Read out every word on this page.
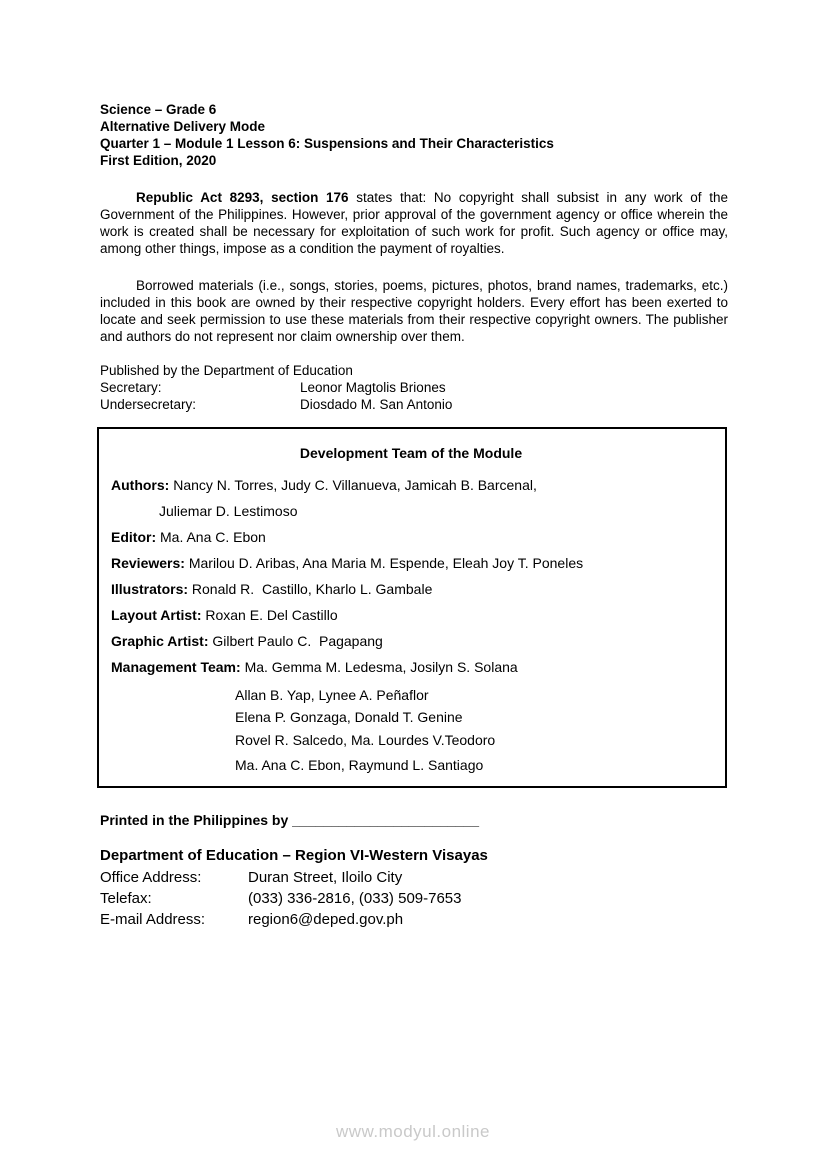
Science – Grade 6
Alternative Delivery Mode
Quarter 1 – Module 1 Lesson 6: Suspensions and Their Characteristics
First Edition, 2020
Republic Act 8293, section 176 states that: No copyright shall subsist in any work of the Government of the Philippines. However, prior approval of the government agency or office wherein the work is created shall be necessary for exploitation of such work for profit. Such agency or office may, among other things, impose as a condition the payment of royalties.
Borrowed materials (i.e., songs, stories, poems, pictures, photos, brand names, trademarks, etc.) included in this book are owned by their respective copyright holders. Every effort has been exerted to locate and seek permission to use these materials from their respective copyright owners. The publisher and authors do not represent nor claim ownership over them.
Published by the Department of Education
Secretary:	Leonor Magtolis Briones
Undersecretary:	Diosdado M. San Antonio
Development Team of the Module
Authors: Nancy N. Torres, Judy C. Villanueva, Jamicah B. Barcenal,
Juliemar D. Lestimoso
Editor: Ma. Ana C. Ebon
Reviewers: Marilou D. Aribas, Ana Maria M. Espende, Eleah Joy T. Poneles
Illustrators: Ronald R.  Castillo, Kharlo L. Gambale
Layout Artist: Roxan E. Del Castillo
Graphic Artist: Gilbert Paulo C.  Pagapang
Management Team: Ma. Gemma M. Ledesma, Josilyn S. Solana
Allan B. Yap, Lynee A. Peñaflor
Elena P. Gonzaga, Donald T. Genine
Rovel R. Salcedo, Ma. Lourdes V.Teodoro
Ma. Ana C. Ebon, Raymund L. Santiago
Printed in the Philippines by ________________________
Department of Education – Region VI-Western Visayas
Office Address:	Duran Street, Iloilo City
Telefax:	(033) 336-2816, (033) 509-7653
E-mail Address:	region6@deped.gov.ph
www.modyul.online
